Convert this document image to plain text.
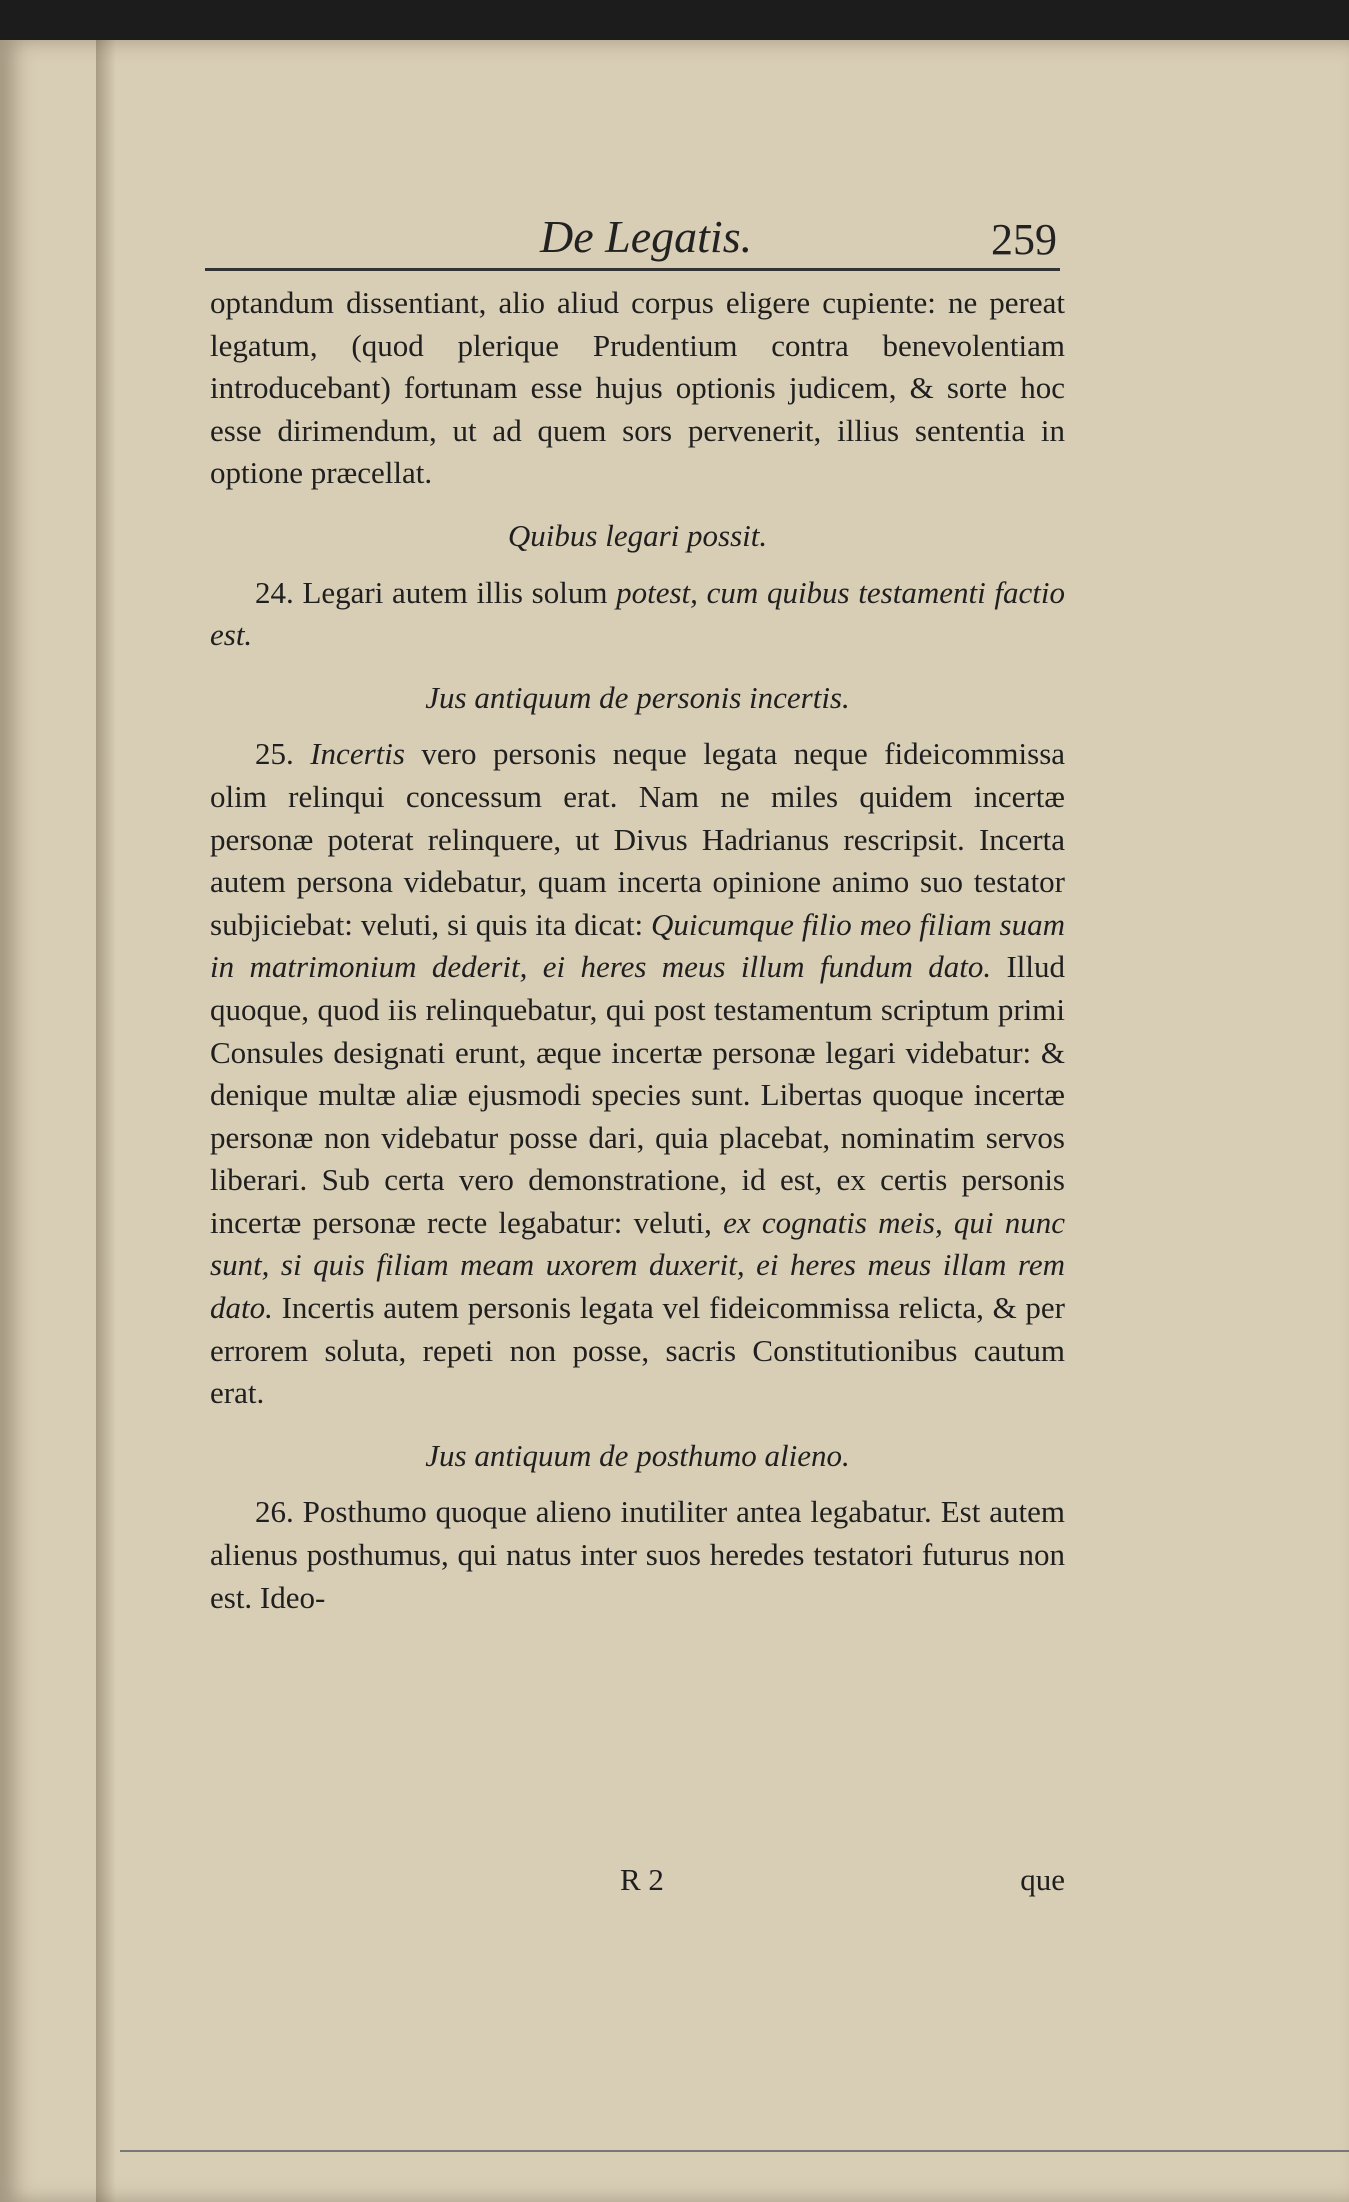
De Legatis.	259

optandum dissentiant, alio aliud corpus eligere cupiente: ne pereat legatum, (quod plerique Prudentium contra benevolentiam introducebant) fortunam esse hujus optionis judicem, & sorte hoc esse dirimendum, ut ad quem sors pervenerit, illius sententia in optione præcellat.

Quibus legari possit.

24. Legari autem illis solum potest, cum quibus testamenti factio est.

Jus antiquum de personis incertis.

25. Incertis vero personis neque legata neque fideicommissa olim relinqui concessum erat. Nam ne miles quidem incertæ personæ poterat relinquere, ut Divus Hadrianus rescripsit. Incerta autem persona videbatur, quam incerta opinione animo suo testator subjiciebat: veluti, si quis ita dicat: Quicumque filio meo filiam suam in matrimonium dederit, ei heres meus illum fundum dato. Illud quoque, quod iis relinquebatur, qui post testamentum scriptum primi Consules designati erunt, æque incertæ personæ legari videbatur: & denique multæ aliæ ejusmodi species sunt. Libertas quoque incertæ personæ non videbatur posse dari, quia placebat, nominatim servos liberari. Sub certa vero demonstratione, id est, ex certis personis incertæ personæ recte legabatur: veluti, ex cognatis meis, qui nunc sunt, si quis filiam meam uxorem duxerit, ei heres meus illam rem dato. Incertis autem personis legata vel fideicommissa relicta, & per errorem soluta, repeti non posse, sacris Constitutionibus cautum erat.

Jus antiquum de posthumo alieno.

26. Posthumo quoque alieno inutiliter antea legabatur. Est autem alienus posthumus, qui natus inter suos heredes testatori futurus non est. Ideo-

R 2	que
